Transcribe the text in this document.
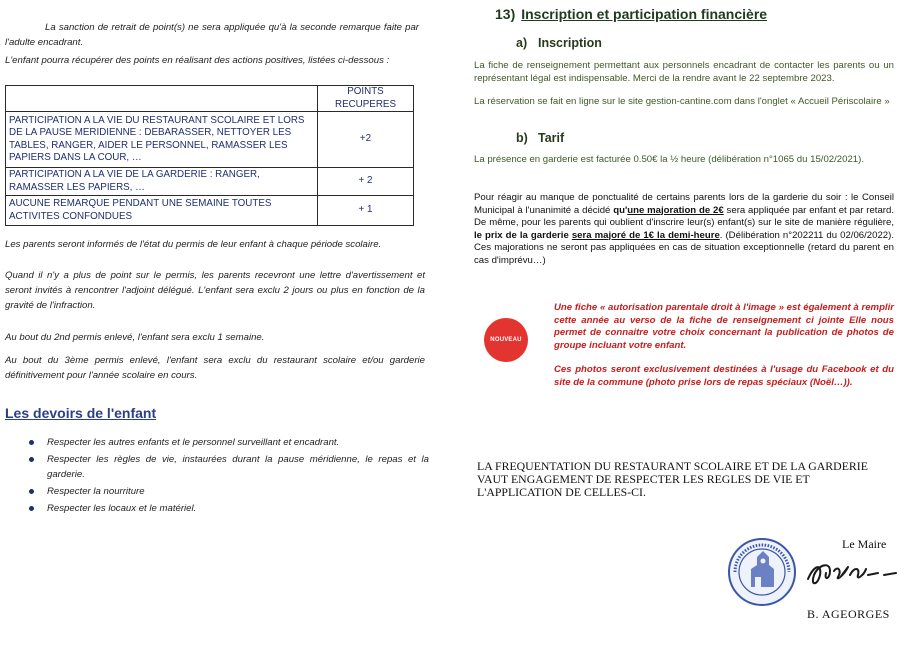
La sanction de retrait de point(s) ne sera appliquée qu'à la seconde remarque faite par l'adulte encadrant.

L'enfant pourra récupérer des points en réalisant des actions positives, listées ci-dessous :

	POINTS RECUPERES
PARTICIPATION A LA VIE DU RESTAURANT SCOLAIRE ET LORS DE LA PAUSE MERIDIENNE : DEBARASSER, NETTOYER LES TABLES, RANGER, AIDER LE PERSONNEL, RAMASSER LES PAPIERS DANS LA COUR, …	+2
PARTICIPATION A LA VIE DE LA GARDERIE : RANGER, RAMASSER LES PAPIERS, …	+ 2
AUCUNE REMARQUE PENDANT UNE SEMAINE TOUTES ACTIVITES CONFONDUES	+ 1

Les parents seront informés de l'état du permis de leur enfant à chaque période scolaire.

Quand il n'y a plus de point sur le permis, les parents recevront une lettre d'avertissement et seront invités à rencontrer l'adjoint délégué. L'enfant sera exclu 2 jours ou plus en fonction de la gravité de l'infraction.

Au bout du 2nd permis enlevé, l'enfant sera exclu 1 semaine.

Au bout du 3ème permis enlevé, l'enfant sera exclu du restaurant scolaire et/ou garderie définitivement pour l'année scolaire en cours.

Les devoirs de l'enfant
Respecter les autres enfants et le personnel surveillant et encadrant.
Respecter les règles de vie, instaurées durant la pause méridienne, le repas et la garderie.
Respecter la nourriture
Respecter les locaux et le matériel.
13) Inscription et participation financière
a) Inscription

La fiche de renseignement permettant aux personnels encadrant de contacter les parents ou un représentant légal est indispensable. Merci de la rendre avant le 22 septembre 2023.

La réservation se fait en ligne sur le site gestion-cantine.com dans l'onglet « Accueil Périscolaire »

b) Tarif

La présence en garderie est facturée 0.50€ la ½ heure (délibération n°1065 du 15/02/2021).

Pour réagir au manque de ponctualité de certains parents lors de la garderie du soir : le Conseil Municipal à l'unanimité a décidé qu'une majoration de 2€ sera appliquée par enfant et par retard. De même, pour les parents qui oublient d'inscrire leur(s) enfant(s) sur le site de manière régulière, le prix de la garderie sera majoré de 1€ la demi-heure. (Délibération n°202211 du 02/06/2022). Ces majorations ne seront pas appliquées en cas de situation exceptionnelle (retard du parent en cas d'imprévu…)

NOUVEAU

Une fiche « autorisation parentale droit à l'image » est également à remplir cette année au verso de la fiche de renseignement ci jointe Elle nous permet de connaitre votre choix concernant la publication de photos de groupe incluant votre enfant.

Ces photos seront exclusivement destinées à l'usage du Facebook et du site de la commune (photo prise lors de repas spéciaux (Noël…)).

LA FREQUENTATION DU RESTAURANT SCOLAIRE ET DE LA GARDERIE VAUT ENGAGEMENT DE RESPECTER LES REGLES DE VIE ET L'APPLICATION DE CELLES-CI.

Le Maire
B. AGEORGES
